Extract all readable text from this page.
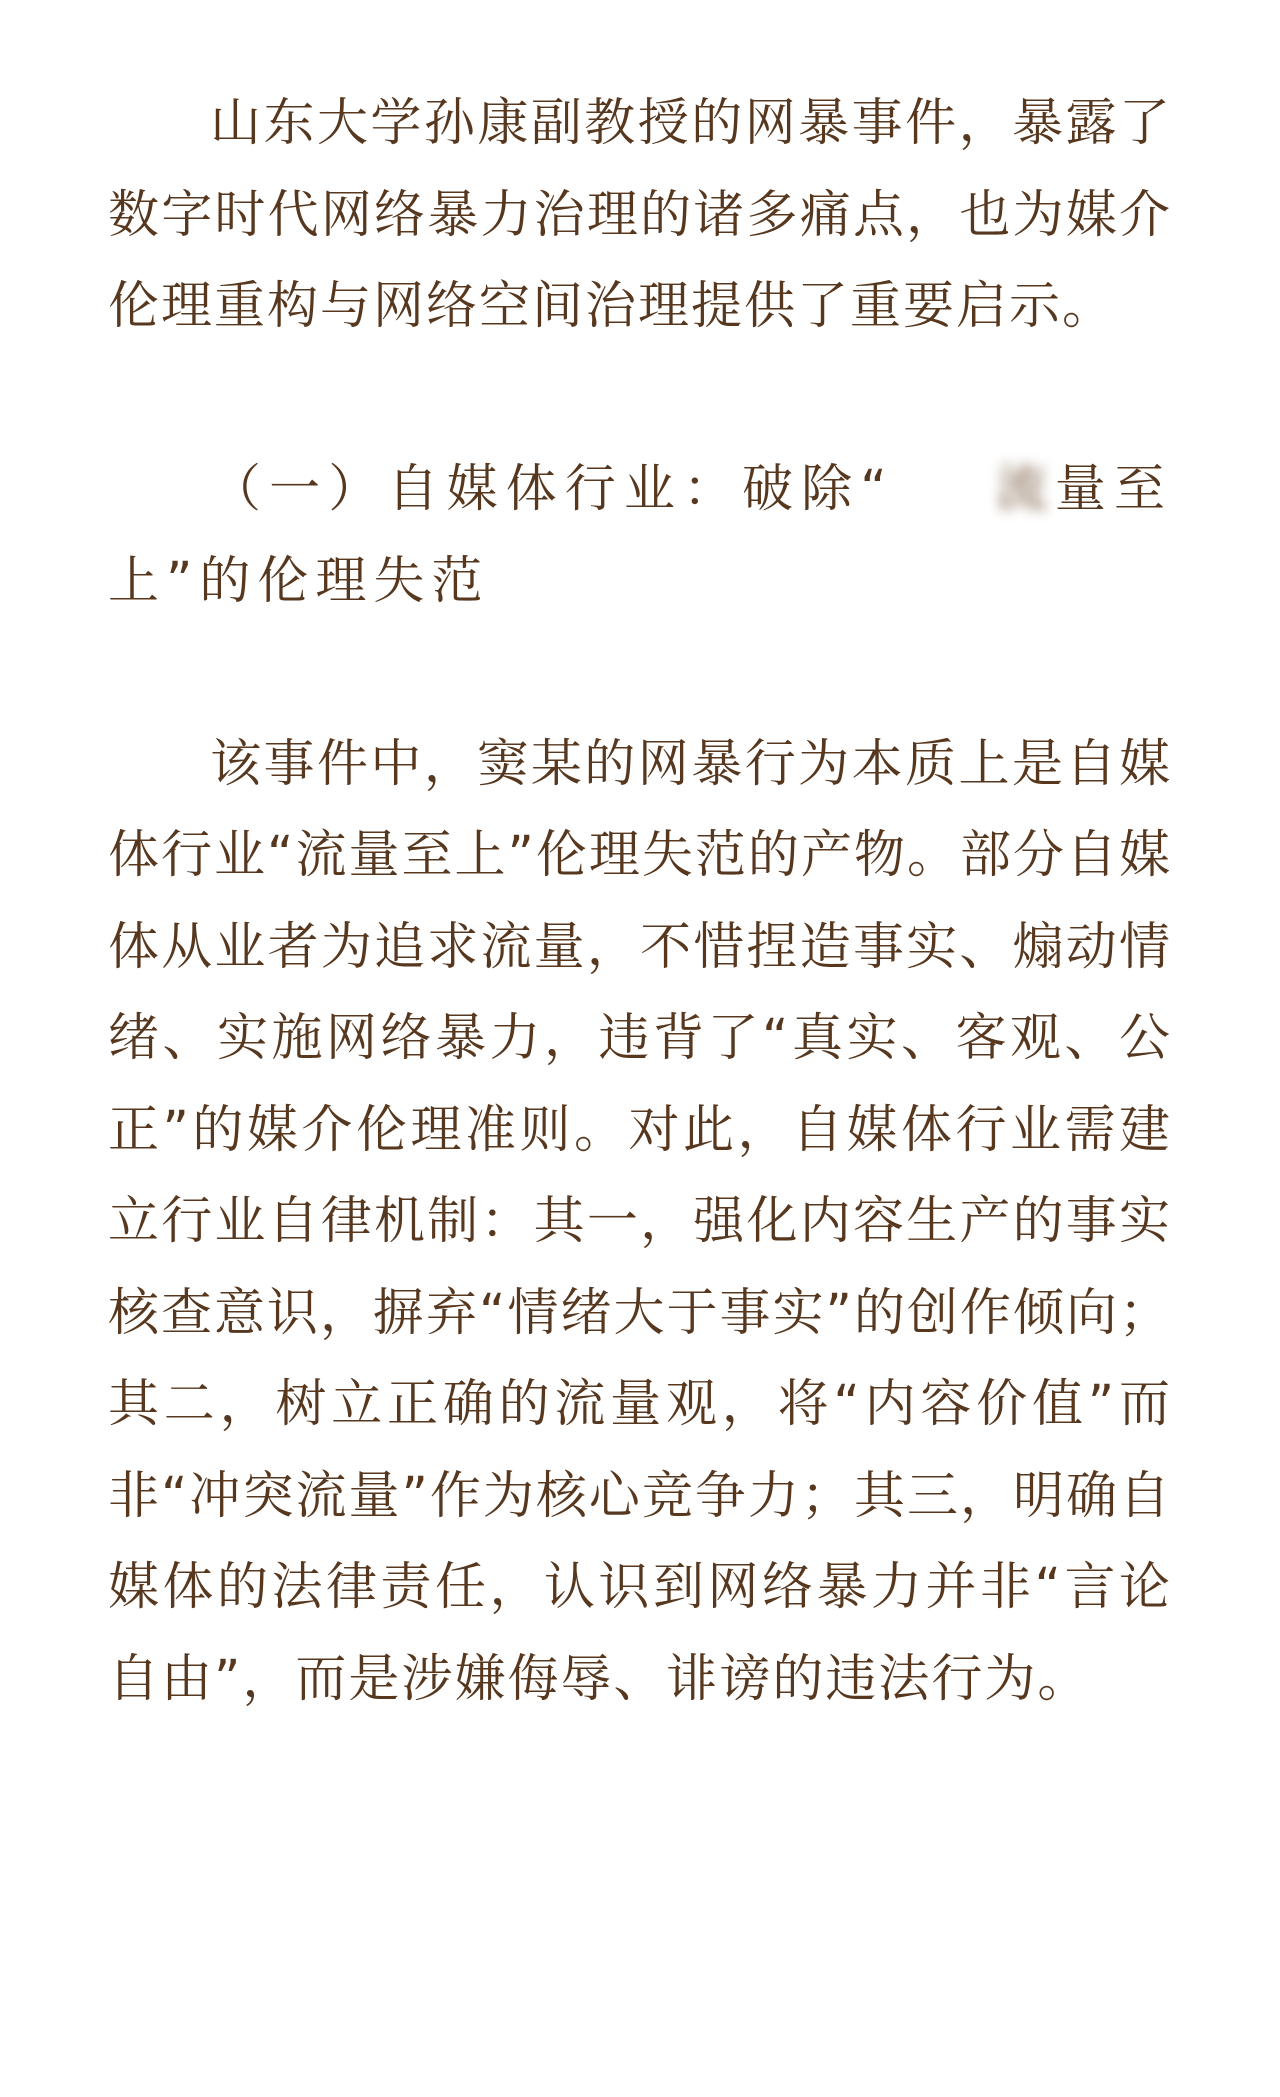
山东大学孙康副教授的网暴事件，暴露了数字时代网络暴力治理的诸多痛点，也为媒介伦理重构与网络空间治理提供了重要启示。

（一）自媒体行业：破除“ 流量至上”的伦理失范

该事件中，窦某的网暴行为本质上是自媒体行业“流量至上”伦理失范的产物。部分自媒体从业者为追求流量，不惜捏造事实、煽动情绪、实施网络暴力，违背了“真实、客观、公正”的媒介伦理准则。对此，自媒体行业需建立行业自律机制：其一，强化内容生产的事实核查意识，摒弃“情绪大于事实”的创作倾向；其二，树立正确的流量观，将“内容价值”而非“冲突流量”作为核心竞争力；其三，明确自媒体的法律责任，认识到网络暴力并非“言论自由”，而是涉嫌侮辱、诽谤的违法行为。
